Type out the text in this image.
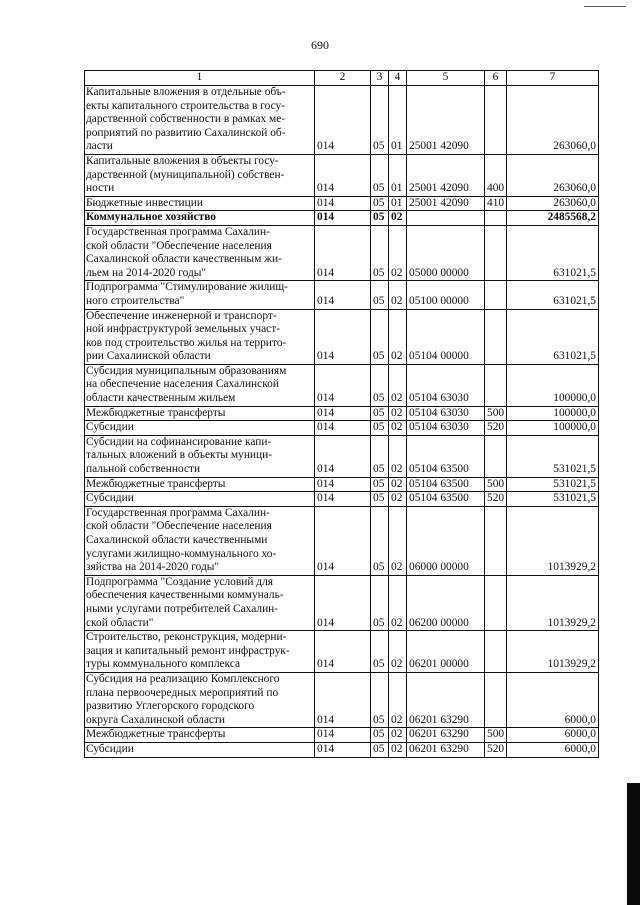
690
1	2	3	4	5	6	7
Капитальные вложения в отдельные объ-
екты капитального строительства в госу-
дарственной собственности в рамках ме-
роприятий по развитию Сахалинской об-
ласти	014	05	01	25001 42090		263060,0
Капитальные вложения в объекты госу-
дарственной (муниципальной) собствен-
ности	014	05	01	25001 42090	400	263060,0
Бюджетные инвестиции	014	05	01	25001 42090	410	263060,0
Коммунальное хозяйство	014	05	02			2485568,2
Государственная программа Сахалин-
ской области "Обеспечение населения
Сахалинской области качественным жи-
льем на 2014-2020 годы"	014	05	02	05000 00000		631021,5
Подпрограмма "Стимулирование жилищ-
ного строительства"	014	05	02	05100 00000		631021,5
Обеспечение инженерной и транспорт-
ной инфраструктурой земельных участ-
ков под строительство жилья на террито-
рии Сахалинской области	014	05	02	05104 00000		631021,5
Субсидия муниципальным образованиям
на обеспечение населения Сахалинской
области качественным жильем	014	05	02	05104 63030		100000,0
Межбюджетные трансферты	014	05	02	05104 63030	500	100000,0
Субсидии	014	05	02	05104 63030	520	100000,0
Субсидии на софинансирование капи-
тальных вложений в объекты муници-
пальной собственности	014	05	02	05104 63500		531021,5
Межбюджетные трансферты	014	05	02	05104 63500	500	531021,5
Субсидии	014	05	02	05104 63500	520	531021,5
Государственная программа Сахалин-
ской области "Обеспечение населения
Сахалинской области качественными
услугами жилищно-коммунального хо-
зяйства на 2014-2020 годы"	014	05	02	06000 00000		1013929,2
Подпрограмма "Создание условий для
обеспечения качественными коммуналь-
ными услугами потребителей Сахалин-
ской области"	014	05	02	06200 00000		1013929,2
Строительство, реконструкция, модерни-
зация и капитальный ремонт инфраструк-
туры коммунального комплекса	014	05	02	06201 00000		1013929,2
Субсидия на реализацию Комплексного
плана первоочередных мероприятий по
развитию Углегорского городского
округа Сахалинской области	014	05	02	06201 63290		6000,0
Межбюджетные трансферты	014	05	02	06201 63290	500	6000,0
Субсидии	014	05	02	06201 63290	520	6000,0
